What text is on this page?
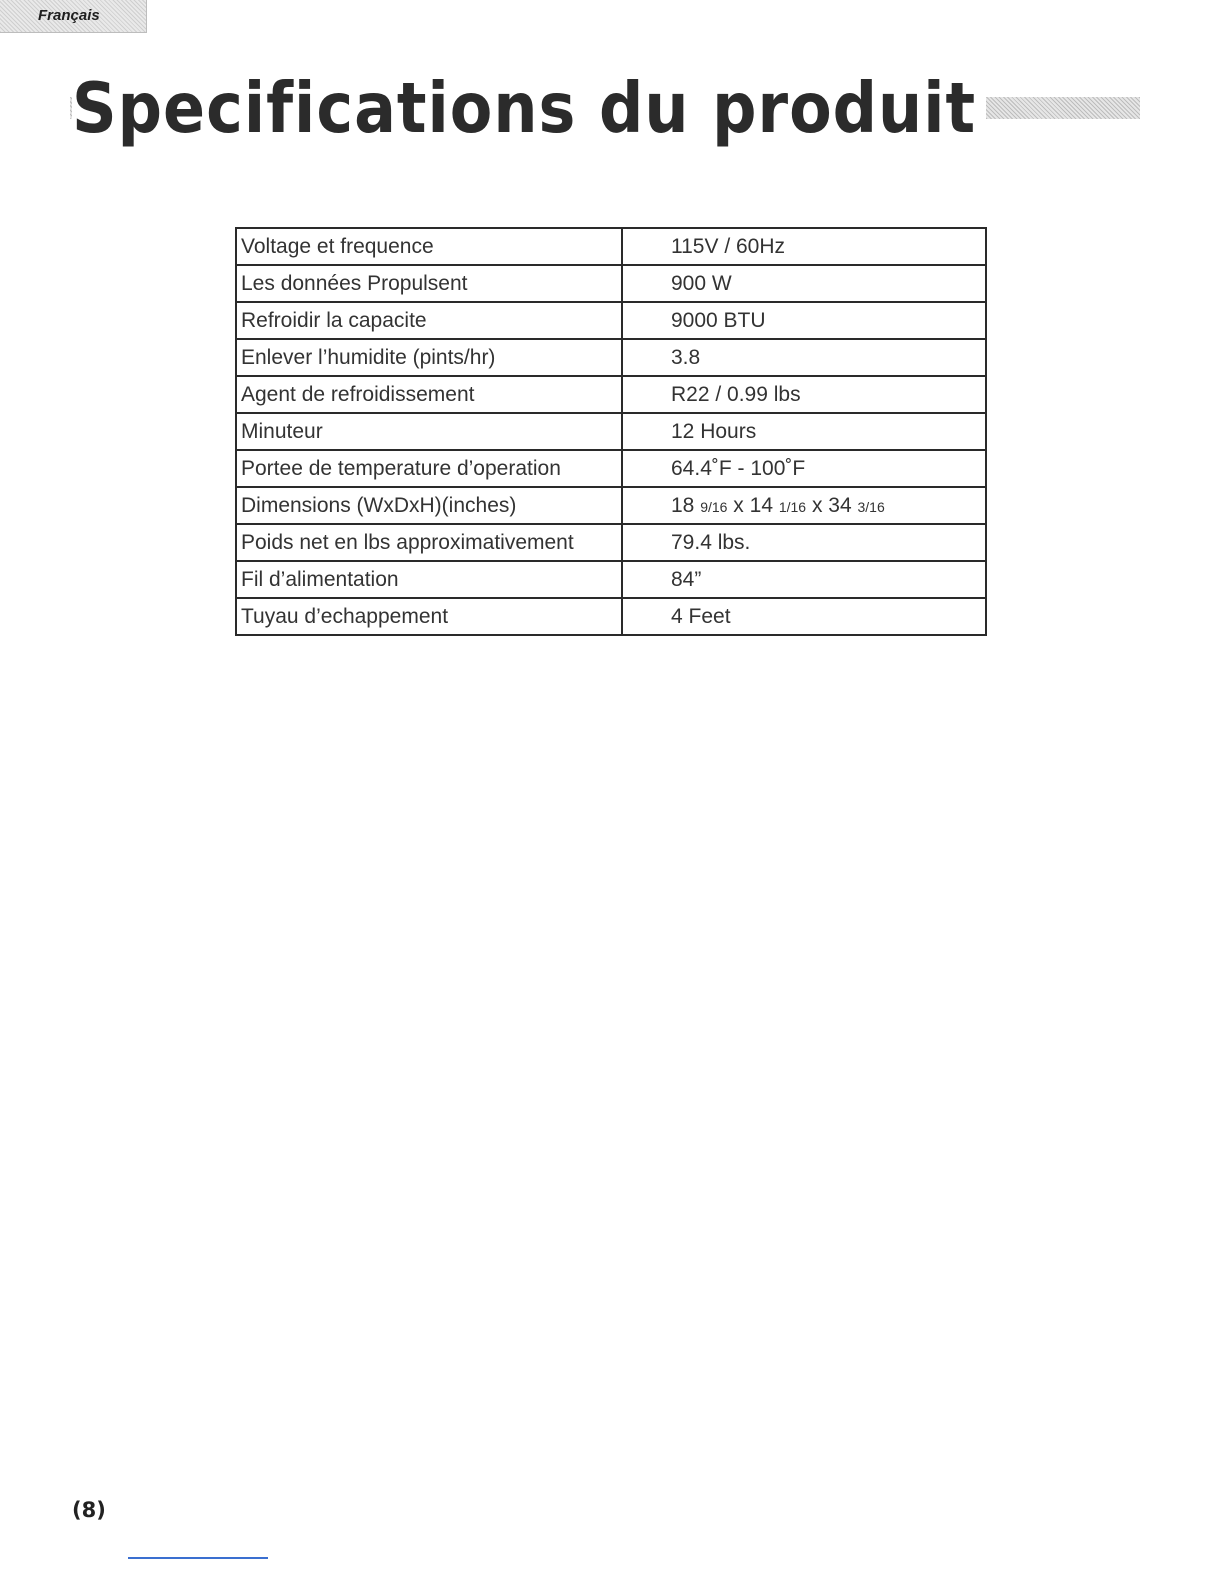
Français
Specifications du produit
Voltage et frequence	115V / 60Hz
Les données Propulsent	900 W
Refroidir la capacite	9000 BTU
Enlever l’humidite (pints/hr)	3.8
Agent de refroidissement	R22 / 0.99 lbs
Minuteur	12 Hours
Portee de temperature d’operation	64.4˚F - 100˚F
Dimensions (WxDxH)(inches)	18 9/16 x 14 1/16 x 34 3/16
Poids net en lbs approximativement	79.4 lbs.
Fil d’alimentation	84”
Tuyau d’echappement	4 Feet
(8)
